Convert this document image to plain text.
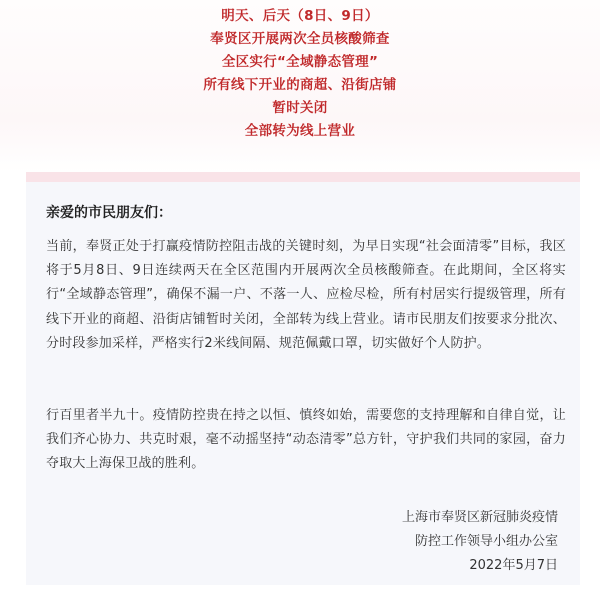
明天、后天（8日、9日）
奉贤区开展两次全员核酸筛查
全区实行“全域静态管理”
所有线下开业的商超、沿街店铺
暂时关闭
全部转为线上营业
亲爱的市民朋友们：
当前，奉贤正处于打赢疫情防控阻击战的关键时刻，为早日实现“社会面清零”目标，我区将于5月8日、9日连续两天在全区范围内开展两次全员核酸筛查。在此期间，全区将实行“全域静态管理”，确保不漏一户、不落一人、应检尽检，所有村居实行提级管理，所有线下开业的商超、沿街店铺暂时关闭，全部转为线上营业。请市民朋友们按要求分批次、分时段参加采样，严格实行2米线间隔、规范佩戴口罩，切实做好个人防护。
行百里者半九十。疫情防控贵在持之以恒、慎终如始，需要您的支持理解和自律自觉，让我们齐心协力、共克时艰，毫不动摇坚持“动态清零”总方针，守护我们共同的家园，奋力夺取大上海保卫战的胜利。
上海市奉贤区新冠肺炎疫情
防控工作领导小组办公室
2022年5月7日
